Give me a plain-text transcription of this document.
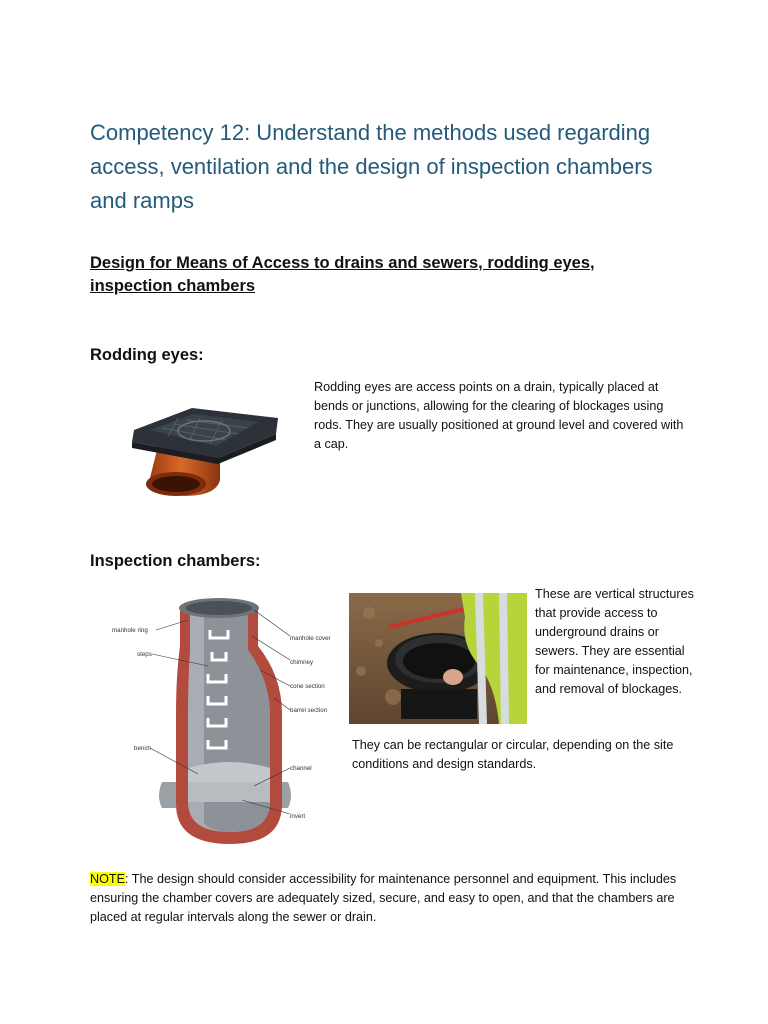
Competency 12: Understand the methods used regarding access, ventilation and the design of inspection chambers and ramps
Design for Means of Access to drains and sewers, rodding eyes, inspection chambers
Rodding eyes:
Rodding eyes are access points on a drain, typically placed at bends or junctions, allowing for the clearing of blockages using rods. They are usually positioned at ground level and covered with a cap.
Inspection chambers:
manhole ring
steps
bench
manhole cover
chimney
cone section
barrel section
channel
invert
These are vertical structures that provide access to underground drains or sewers. They are essential for maintenance, inspection, and removal of blockages.
They can be rectangular or circular, depending on the site conditions and design standards.
NOTE: The design should consider accessibility for maintenance personnel and equipment. This includes ensuring the chamber covers are adequately sized, secure, and easy to open, and that the chambers are placed at regular intervals along the sewer or drain.
